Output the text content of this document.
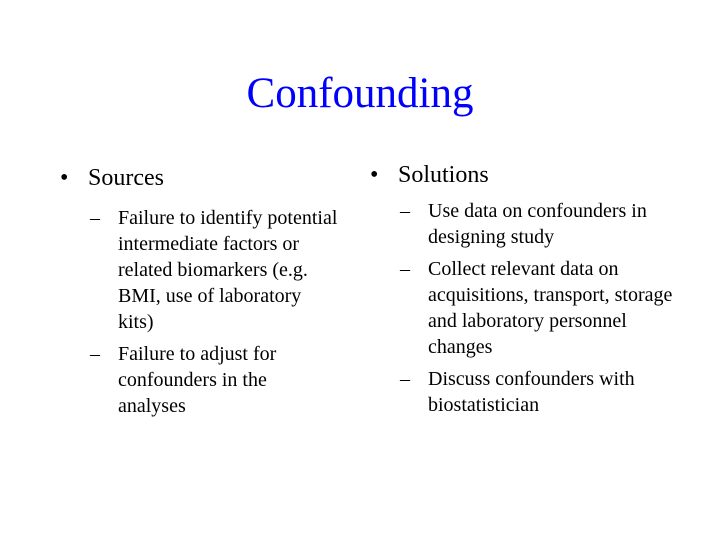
Confounding
• Sources
– Failure to identify potential intermediate factors or related biomarkers (e.g. BMI, use of laboratory kits)
– Failure to adjust for confounders in the analyses
• Solutions
– Use data on confounders in designing study
– Collect relevant data on acquisitions, transport, storage and laboratory personnel changes
– Discuss confounders with biostatistician
